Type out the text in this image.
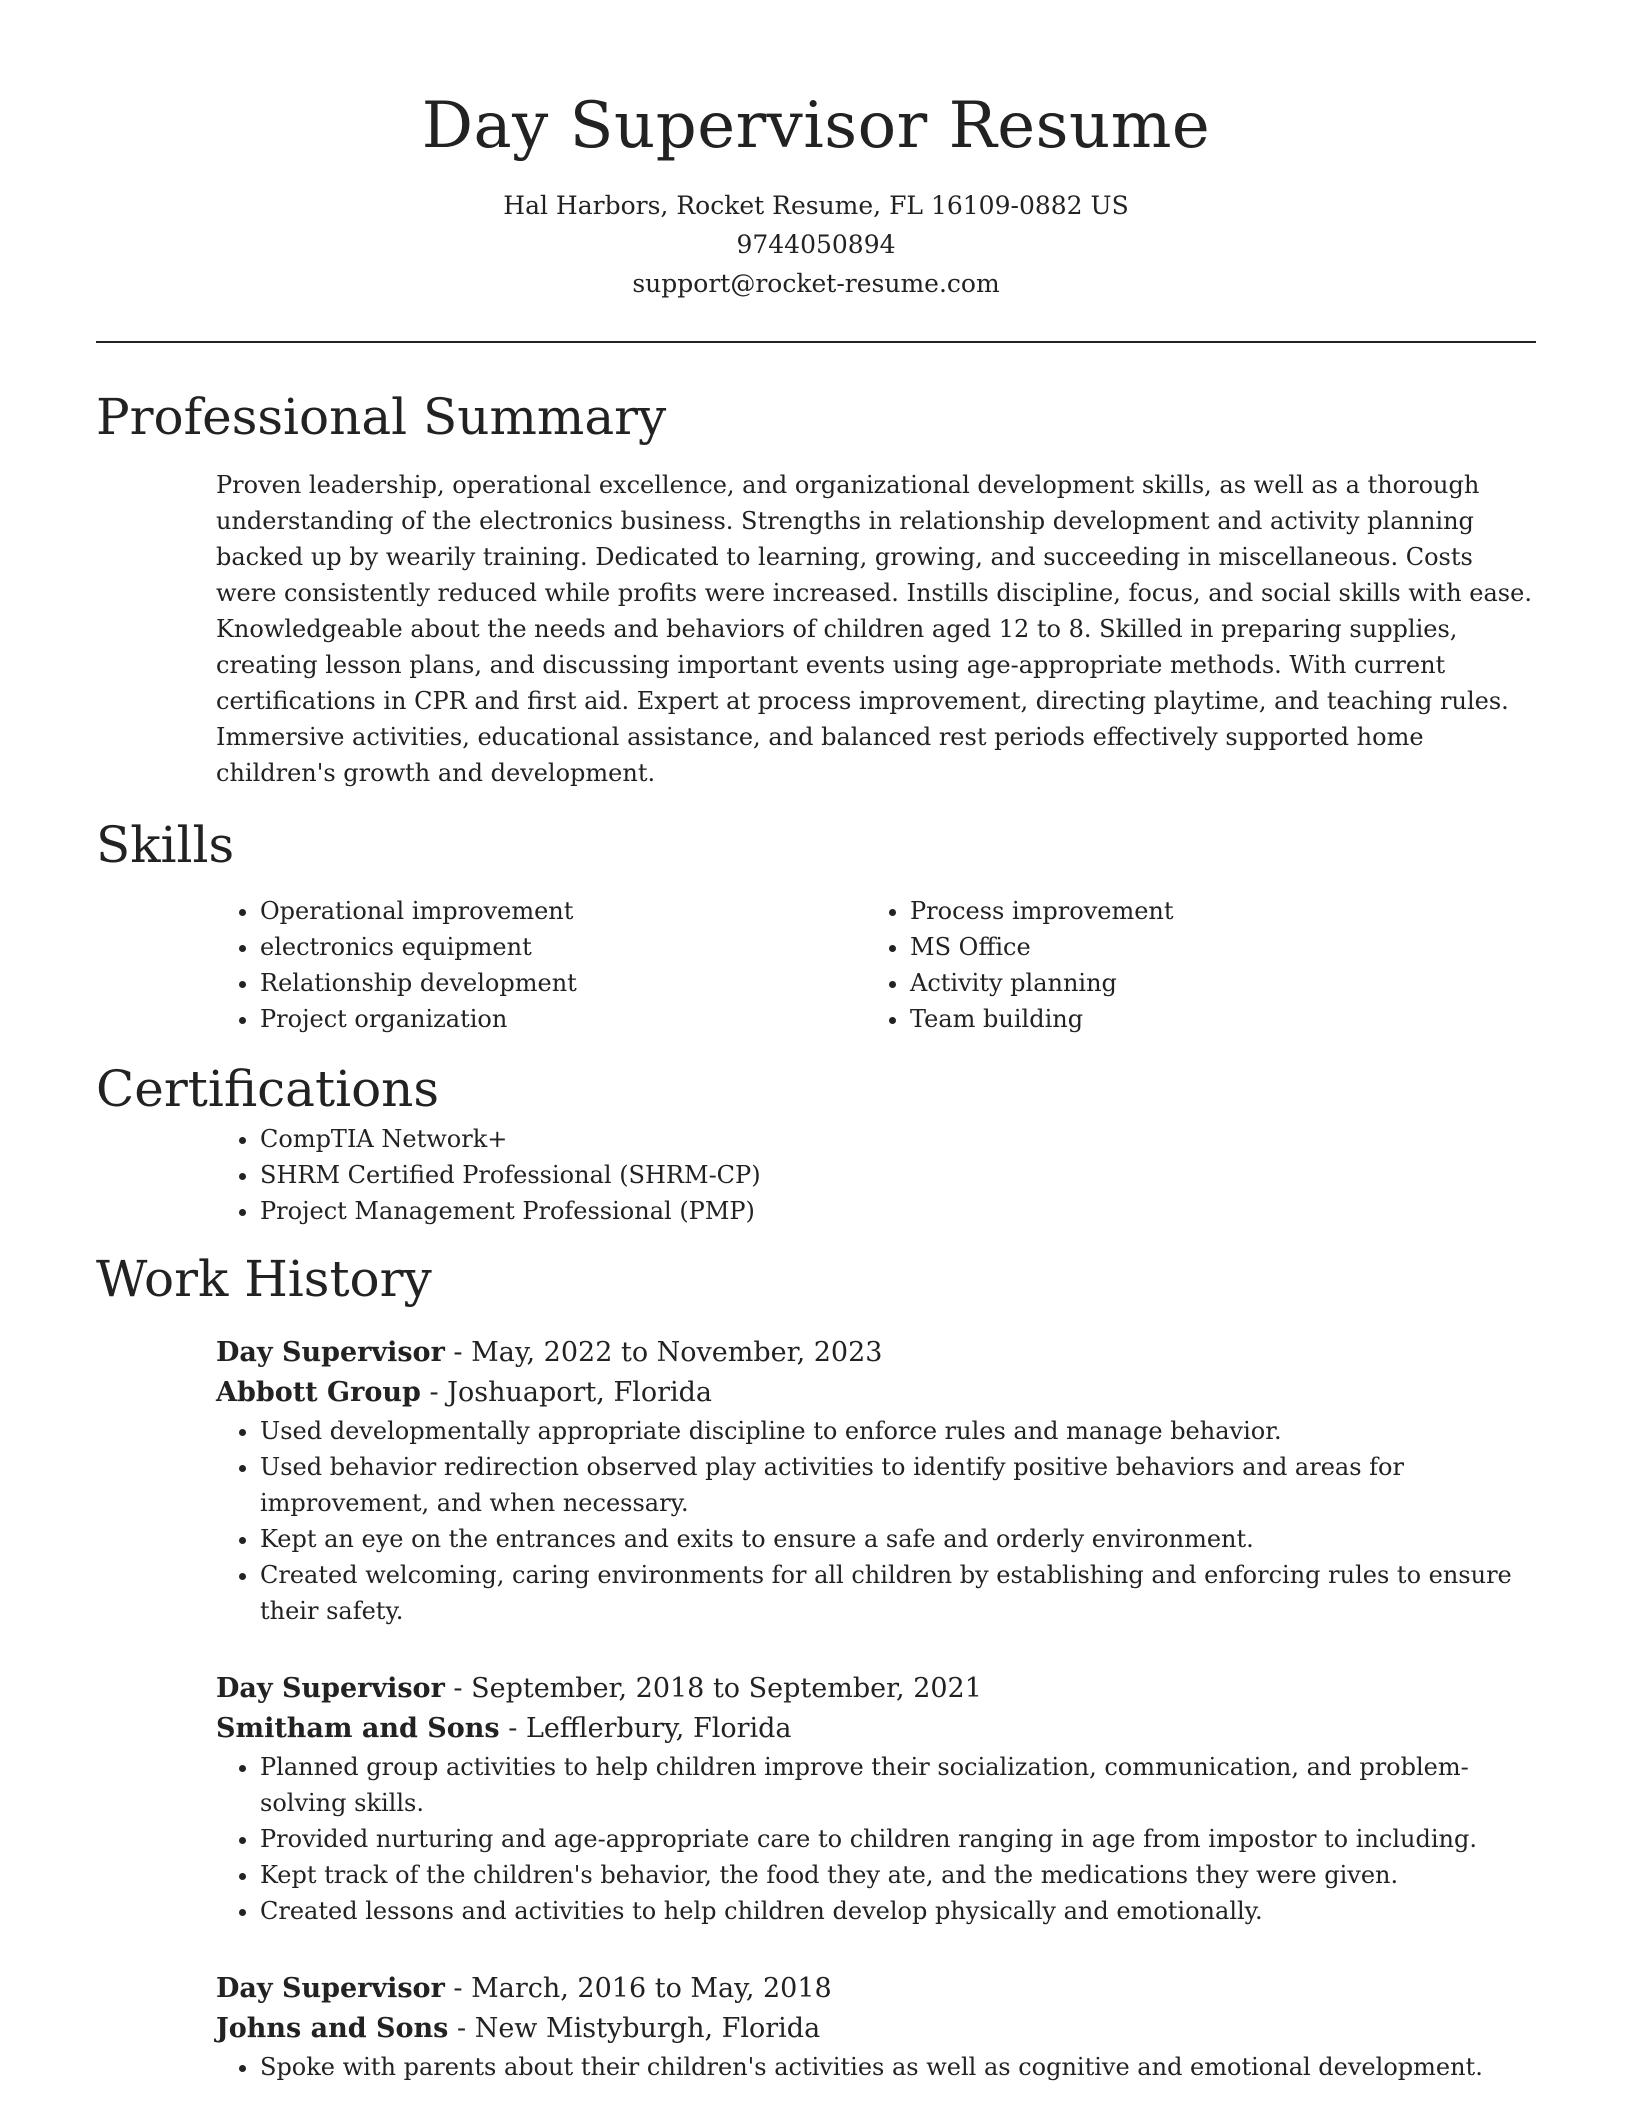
Day Supervisor Resume
Hal Harbors, Rocket Resume, FL 16109-0882 US
9744050894
support@rocket-resume.com
Professional Summary

Proven leadership, operational excellence, and organizational development skills, as well as a thorough understanding of the electronics business. Strengths in relationship development and activity planning backed up by wearily training. Dedicated to learning, growing, and succeeding in miscellaneous. Costs were consistently reduced while profits were increased. Instills discipline, focus, and social skills with ease. Knowledgeable about the needs and behaviors of children aged 12 to 8. Skilled in preparing supplies, creating lesson plans, and discussing important events using age-appropriate methods. With current certifications in CPR and first aid. Expert at process improvement, directing playtime, and teaching rules. Immersive activities, educational assistance, and balanced rest periods effectively supported home children's growth and development.

Skills
• Operational improvement
• electronics equipment
• Relationship development
• Project organization
• Process improvement
• MS Office
• Activity planning
• Team building
Certifications
• CompTIA Network+
• SHRM Certified Professional (SHRM-CP)
• Project Management Professional (PMP)
Work History

Day Supervisor - May, 2022 to November, 2023

Abbott Group - Joshuaport, Florida

• Used developmentally appropriate discipline to enforce rules and manage behavior.
• Used behavior redirection observed play activities to identify positive behaviors and areas for improvement, and when necessary.
• Kept an eye on the entrances and exits to ensure a safe and orderly environment.
• Created welcoming, caring environments for all children by establishing and enforcing rules to ensure their safety.

Day Supervisor - September, 2018 to September, 2021

Smitham and Sons - Lefflerbury, Florida

• Planned group activities to help children improve their socialization, communication, and problem-solving skills.
• Provided nurturing and age-appropriate care to children ranging in age from impostor to including.
• Kept track of the children's behavior, the food they ate, and the medications they were given.
• Created lessons and activities to help children develop physically and emotionally.

Day Supervisor - March, 2016 to May, 2018

Johns and Sons - New Mistyburgh, Florida

• Spoke with parents about their children's activities as well as cognitive and emotional development.
